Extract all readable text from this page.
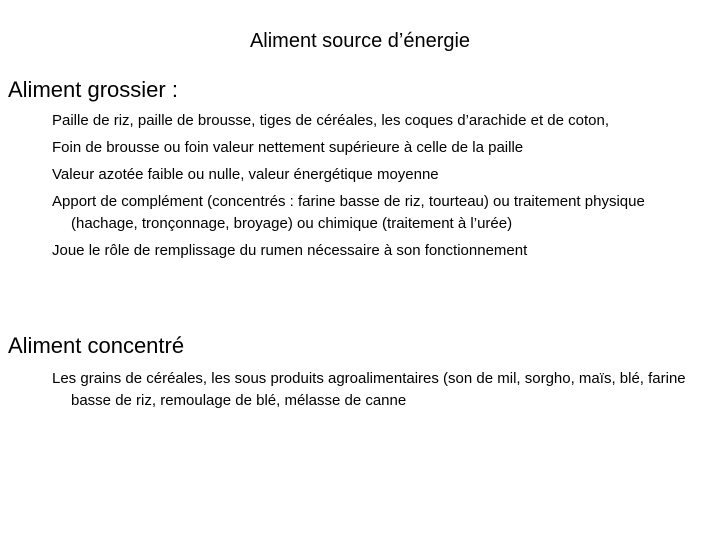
Aliment source d’énergie
Aliment grossier :
Paille de riz, paille de brousse, tiges de céréales, les coques d’arachide et de coton,
Foin de brousse ou foin valeur nettement supérieure à celle de la paille
Valeur azotée faible ou nulle, valeur énergétique moyenne
Apport de complément (concentrés : farine basse de riz, tourteau) ou traitement physique (hachage, tronçonnage, broyage) ou chimique (traitement à l’urée)
Joue le rôle de remplissage du rumen nécessaire à son fonctionnement
Aliment concentré
Les grains de céréales, les sous produits agroalimentaires (son de mil, sorgho, maïs, blé, farine basse de riz, remoulage de blé, mélasse de canne
